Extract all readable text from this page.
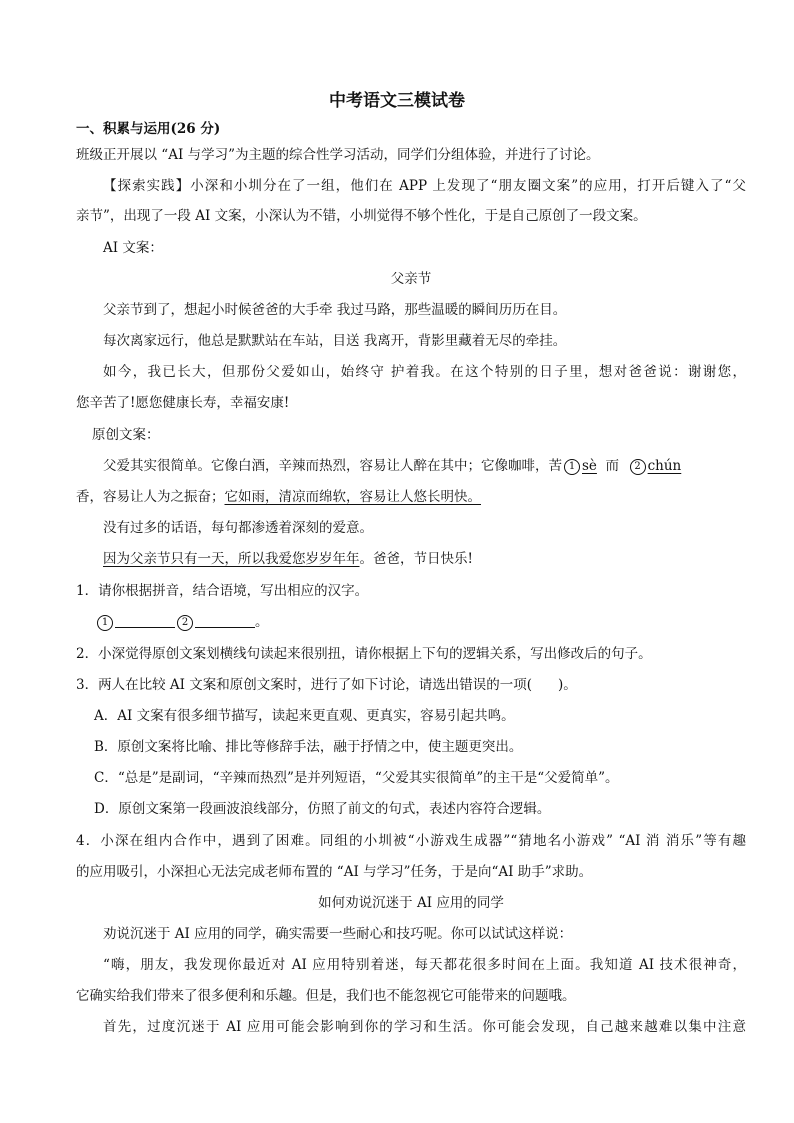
中考语文三模试卷
一、积累与运用(26 分)
班级正开展以 “AI 与学习”为主题的综合性学习活动，同学们分组体验，并进行了讨论。
【探索实践】小深和小圳分在了一组，他们在 APP 上发现了“朋友圈文案”的应用，打开后键入了“父
亲节”，出现了一段 AI 文案，小深认为不错，小圳觉得不够个性化，于是自己原创了一段文案。
AI 文案：
父亲节
父亲节到了，想起小时候爸爸的大手牵 我过马路，那些温暖的瞬间历历在目。
每次离家远行，他总是默默站在车站，目送 我离开，背影里藏着无尽的牵挂。
如今，我已长大，但那份父爱如山，始终守 护着我。在这个特别的日子里，想对爸爸说：谢谢您，
您辛苦了!愿您健康长寿，幸福安康!
原创文案：
父爱其实很简单。它像白酒，辛辣而热烈，容易让人醉在其中；它像咖啡，苦 1 sè 而 2 chún
香，容易让人为之振奋；它如雨，清凉而绵软，容易让人悠长明快。
没有过多的话语，每句都渗透着深刻的爱意。
因为父亲节只有一天，所以我爱您岁岁年年。爸爸，节日快乐!
1．请你根据拼音，结合语境，写出相应的汉字。
1	2	。
2．小深觉得原创文案划横线句读起来很别扭，请你根据上下句的逻辑关系，写出修改后的句子。
3．两人在比较 AI 文案和原创文案时，进行了如下讨论，请选出错误的一项( )。
A．AI 文案有很多细节描写，读起来更直观、更真实，容易引起共鸣。
B．原创文案将比喻、排比等修辞手法，融于抒情之中，使主题更突出。
C．“总是”是副词，“辛辣而热烈”是并列短语，“父爱其实很简单”的主干是“父爱简单”。
D．原创文案第一段画波浪线部分，仿照了前文的句式，表述内容符合逻辑。
4．小深在组内合作中，遇到了困难。同组的小圳被“小游戏生成器”“猜地名小游戏” “AI 消 消乐”等有趣
的应用吸引，小深担心无法完成老师布置的 “AI 与学习”任务，于是向“AI 助手”求助。
如何劝说沉迷于 AI 应用的同学
劝说沉迷于 AI 应用的同学，确实需要一些耐心和技巧呢。你可以试试这样说：
“嗨，朋友，我发现你最近对 AI 应用特别着迷，每天都花很多时间在上面。我知道 AI 技术很神奇，
它确实给我们带来了很多便利和乐趣。但是，我们也不能忽视它可能带来的问题哦。
首先，过度沉迷于 AI 应用可能会影响到你的学习和生活。你可能会发现，自己越来越难以集中注意
